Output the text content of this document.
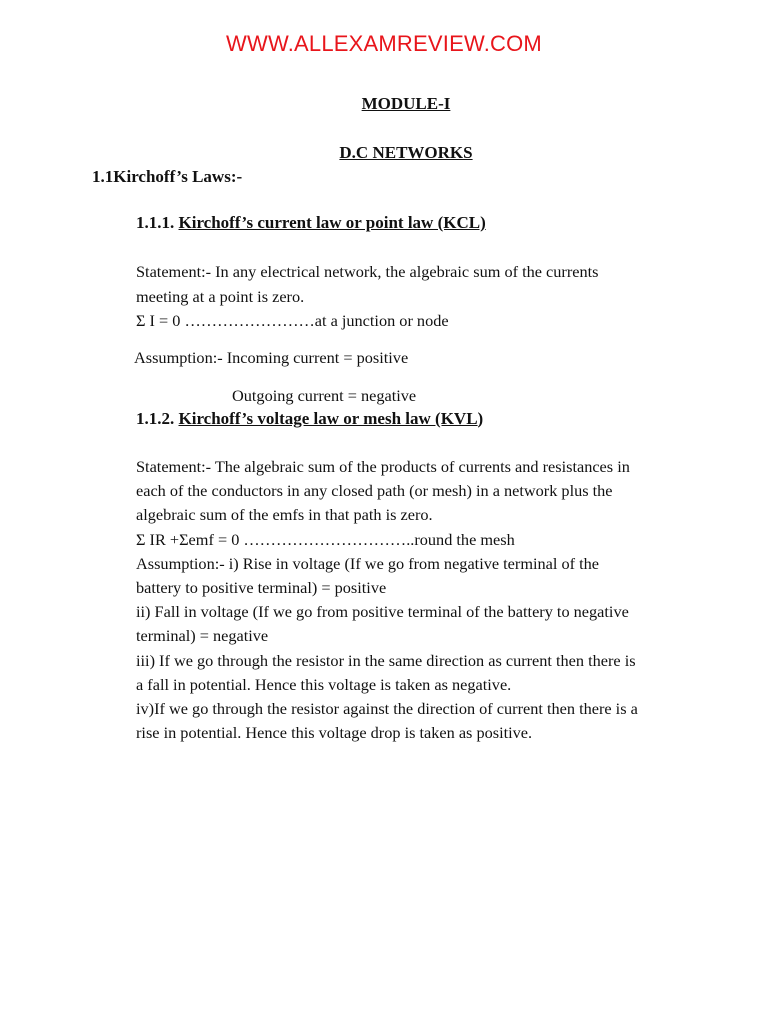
WWW.ALLEXAMREVIEW.COM
MODULE-I
D.C NETWORKS
1.1Kirchoff’s Laws:-
1.1.1. Kirchoff’s current law or point law (KCL)
Statement:- In any electrical network, the algebraic sum of the currents
meeting at a point is zero.
Σ I = 0 ……………………at a junction or node
Assumption:- Incoming current = positive
Outgoing current = negative
1.1.2. Kirchoff’s voltage law or mesh law (KVL)
Statement:- The algebraic sum of the products of currents and resistances in
each of the conductors in any closed path (or mesh) in a network plus the
algebraic sum of the emfs in that path is zero.
Σ IR +Σemf = 0 …………………………..round the mesh
Assumption:- i) Rise in voltage (If we go from negative terminal of the
battery to positive terminal) = positive
ii) Fall in voltage (If we go from positive terminal of the battery to negative
terminal) = negative
iii) If we go through the resistor in the same direction as current then there is
a fall in potential. Hence this voltage is taken as negative.
iv)If we go through the resistor against the direction of current then there is a
rise in potential. Hence this voltage drop is taken as positive.
